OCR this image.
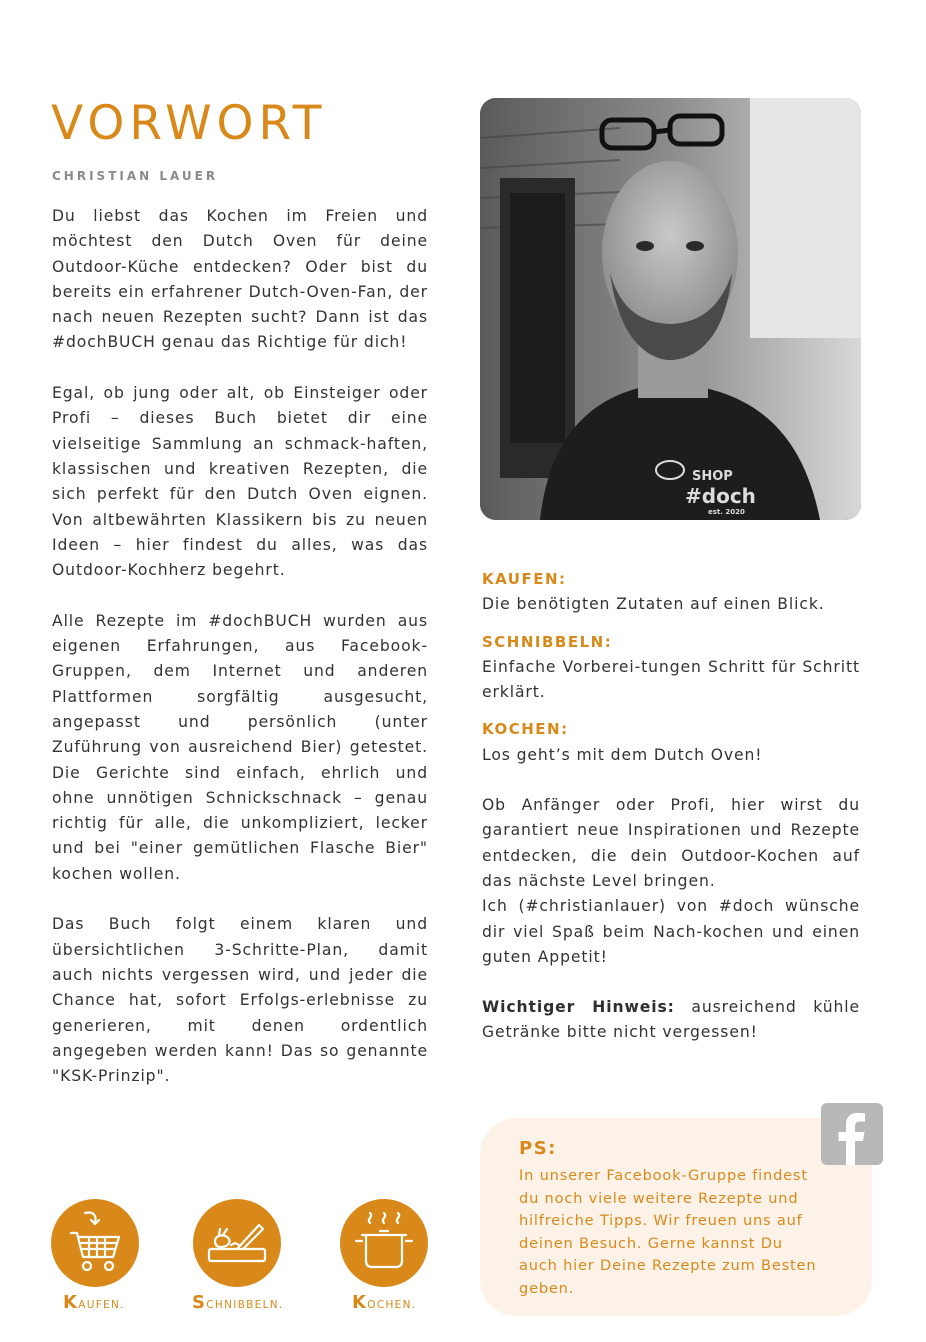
VORWORT
CHRISTIAN LAUER

Du liebst das Kochen im Freien und möchtest den Dutch Oven für deine Outdoor-Küche entdecken? Oder bist du bereits ein erfahrener Dutch-Oven-Fan, der nach neuen Rezepten sucht? Dann ist das #dochBUCH genau das Richtige für dich!

Egal, ob jung oder alt, ob Einsteiger oder Profi – dieses Buch bietet dir eine vielseitige Sammlung an schmack-haften, klassischen und kreativen Rezepten, die sich perfekt für den Dutch Oven eignen. Von altbewährten Klassikern bis zu neuen Ideen – hier findest du alles, was das Outdoor-Kochherz begehrt.

Alle Rezepte im #dochBUCH wurden aus eigenen Erfahrungen, aus Facebook-Gruppen, dem Internet und anderen Plattformen sorgfältig ausgesucht, angepasst und persönlich (unter Zuführung von ausreichend Bier) getestet. Die Gerichte sind einfach, ehrlich und ohne unnötigen Schnickschnack – genau richtig für alle, die unkompliziert, lecker und bei "einer gemütlichen Flasche Bier" kochen wollen.

Das Buch folgt einem klaren und übersichtlichen 3-Schritte-Plan, damit auch nichts vergessen wird, und jeder die Chance hat, sofort Erfolgs-erlebnisse zu generieren, mit denen ordentlich angegeben werden kann! Das so genannte "KSK-Prinzip".

SHOP
#doch
est. 2020
KAUFEN:
Die benötigten Zutaten auf einen Blick.
SCHNIBBELN:
Einfache Vorberei-tungen Schritt für Schritt erklärt.
KOCHEN:
Los geht’s mit dem Dutch Oven!

Ob Anfänger oder Profi, hier wirst du garantiert neue Inspirationen und Rezepte entdecken, die dein Outdoor-Kochen auf das nächste Level bringen.

Ich (#christianlauer) von #doch wünsche dir viel Spaß beim Nach-kochen und einen guten Appetit!

Wichtiger Hinweis: ausreichend kühle Getränke bitte nicht vergessen!

PS:
In unserer Facebook-Gruppe findest du noch viele weitere Rezepte und hilfreiche Tipps. Wir freuen uns auf deinen Besuch. Gerne kannst Du auch hier Deine Rezepte zum Besten geben.
KAUFEN.	SCHNIBBELN.	KOCHEN.
